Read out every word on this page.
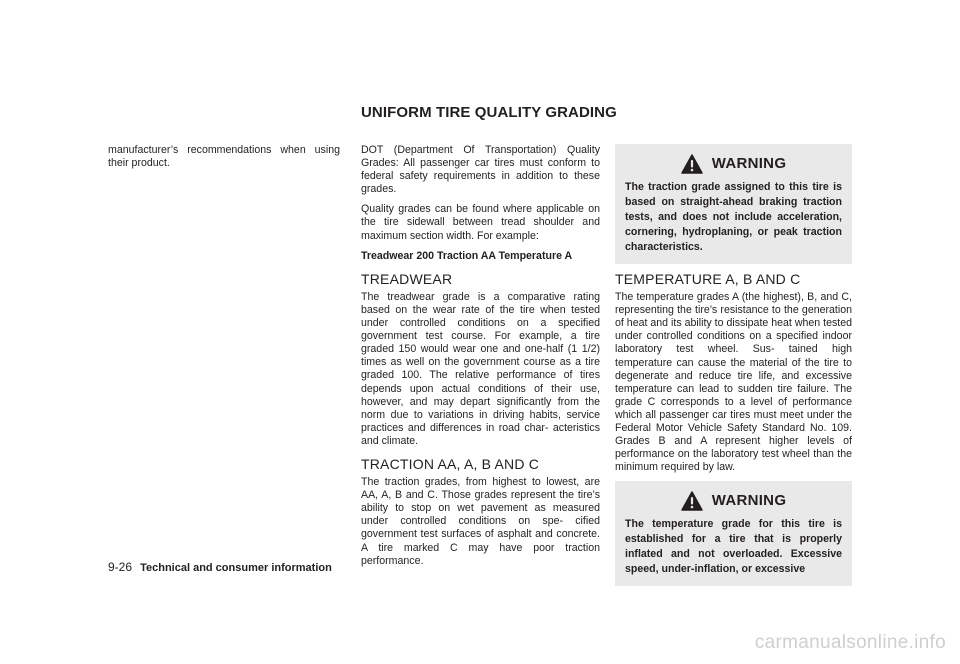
UNIFORM TIRE QUALITY GRADING

manufacturer’s recommendations when using their product.

DOT (Department Of Transportation) Quality Grades: All passenger car tires must conform to federal safety requirements in addition to these grades.

Quality grades can be found where applicable on the tire sidewall between tread shoulder and maximum section width. For example:

Treadwear 200 Traction AA Temperature A
TREADWEAR

The treadwear grade is a comparative rating based on the wear rate of the tire when tested under controlled conditions on a specified government test course. For example, a tire graded 150 would wear one and one-half (1 1/2) times as well on the government course as a tire graded 100. The relative performance of tires depends upon actual conditions of their use, however, and may depart significantly from the norm due to variations in driving habits, service practices and differences in road char- acteristics and climate.

TRACTION AA, A, B AND C

The traction grades, from highest to lowest, are AA, A, B and C. Those grades represent the tire’s ability to stop on wet pavement as measured under controlled conditions on spe- cified government test surfaces of asphalt and concrete. A tire marked C may have poor traction performance.

WARNING
The traction grade assigned to this tire is based on straight-ahead braking traction tests, and does not include acceleration, cornering, hydroplaning, or peak traction characteristics.
TEMPERATURE A, B AND C

The temperature grades A (the highest), B, and C, representing the tire’s resistance to the generation of heat and its ability to dissipate heat when tested under controlled conditions on a specified indoor laboratory test wheel. Sus- tained high temperature can cause the material of the tire to degenerate and reduce tire life, and excessive temperature can lead to sudden tire failure. The grade C corresponds to a level of performance which all passenger car tires must meet under the Federal Motor Vehicle Safety Standard No. 109. Grades B and A represent higher levels of performance on the laboratory test wheel than the minimum required by law.

WARNING
The temperature grade for this tire is established for a tire that is properly inflated and not overloaded. Excessive speed, under-inflation, or excessive
9-26 Technical and consumer information
carmanualsonline.info
